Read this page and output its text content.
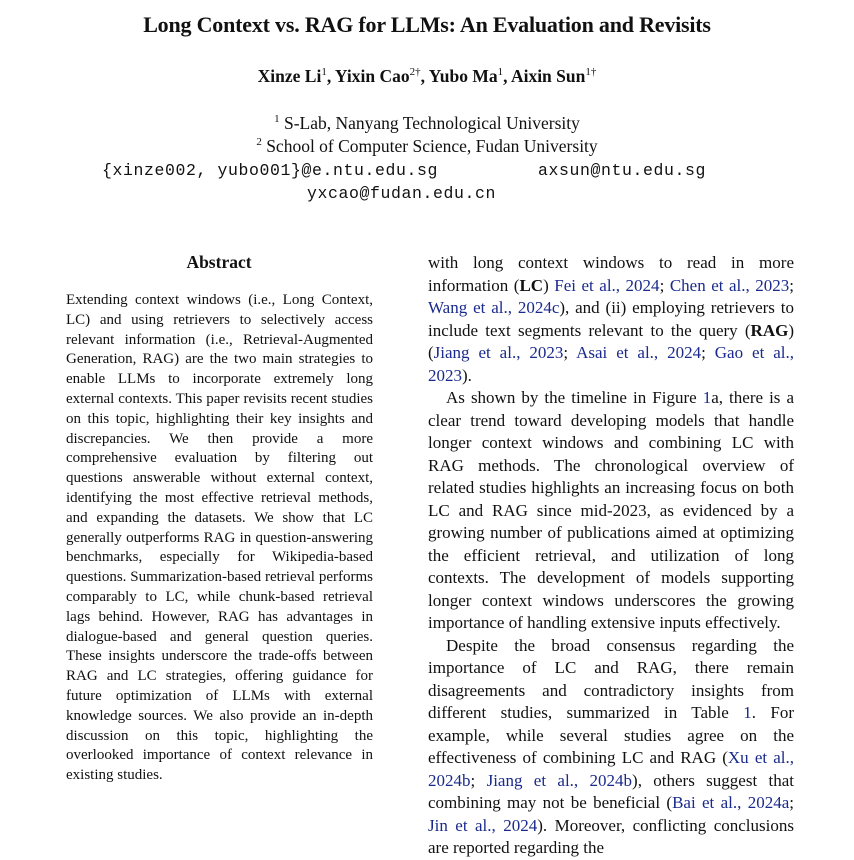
Long Context vs. RAG for LLMs: An Evaluation and Revisits
Xinze Li$^1$, Yixin Cao$^{2\dagger}$, Yubo Ma$^1$, Aixin Sun$^{1\dagger}$
$^1$ S-Lab, Nanyang Technological University
$^2$ School of Computer Science, Fudan University
{xinze002, yubo001}@e.ntu.edu.sg	axsun@ntu.edu.sg
yxcao@fudan.edu.cn
Abstract
Extending context windows (i.e., Long Context, LC) and using retrievers to selectively access relevant information (i.e., Retrieval-Augmented Generation, RAG) are the two main strategies to enable LLMs to incorporate extremely long external contexts. This paper revisits recent studies on this topic, highlighting their key insights and discrepancies. We then provide a more comprehensive evaluation by filtering out questions answerable without external context, identifying the most effective retrieval methods, and expanding the datasets. We show that LC generally outperforms RAG in question-answering benchmarks, especially for Wikipedia-based questions. Summarization-based retrieval performs comparably to LC, while chunk-based retrieval lags behind. However, RAG has advantages in dialogue-based and general question queries. These insights underscore the trade-offs between RAG and LC strategies, offering guidance for future optimization of LLMs with external knowledge sources. We also provide an in-depth discussion on this topic, highlighting the overlooked importance of context relevance in existing studies.

with long context windows to read in more information (LC) Fei et al., 2024; Chen et al., 2023; Wang et al., 2024c), and (ii) employing retrievers to include text segments relevant to the query (RAG) (Jiang et al., 2023; Asai et al., 2024; Gao et al., 2023).

As shown by the timeline in Figure 1a, there is a clear trend toward developing models that handle longer context windows and combining LC with RAG methods. The chronological overview of related studies highlights an increasing focus on both LC and RAG since mid-2023, as evidenced by a growing number of publications aimed at optimizing the efficient retrieval, and utilization of long contexts. The development of models supporting longer context windows underscores the growing importance of handling extensive inputs effectively.

Despite the broad consensus regarding the importance of LC and RAG, there remain disagreements and contradictory insights from different studies, summarized in Table 1. For example, while several studies agree on the effectiveness of combining LC and RAG (Xu et al., 2024b; Jiang et al., 2024b), others suggest that combining may not be beneficial (Bai et al., 2024a; Jin et al., 2024). Moreover, conflicting conclusions are reported regarding the
